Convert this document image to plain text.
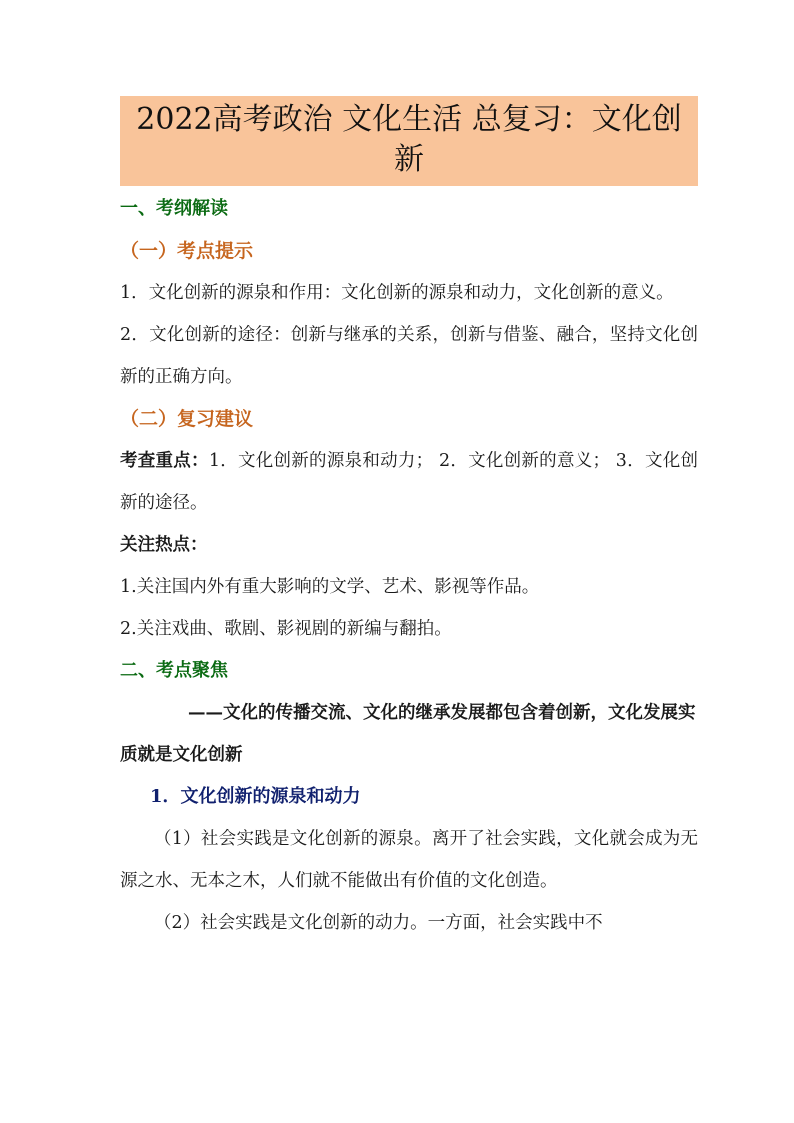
2022高考政治 文化生活 总复习：文化创新
一、考纲解读
（一）考点提示

1．文化创新的源泉和作用：文化创新的源泉和动力，文化创新的意义。

2．文化创新的途径：创新与继承的关系，创新与借鉴、融合，坚持文化创新的正确方向。

（二）复习建议

考查重点：1．文化创新的源泉和动力； 2．文化创新的意义； 3．文化创新的途径。

关注热点：

1.关注国内外有重大影响的文学、艺术、影视等作品。

2.关注戏曲、歌剧、影视剧的新编与翻拍。

二、考点聚焦

——文化的传播交流、文化的继承发展都包含着创新，文化发展实质就是文化创新

1．文化创新的源泉和动力

（1）社会实践是文化创新的源泉。离开了社会实践，文化就会成为无源之水、无本之木，人们就不能做出有价值的文化创造。

（2）社会实践是文化创新的动力。一方面，社会实践中不
